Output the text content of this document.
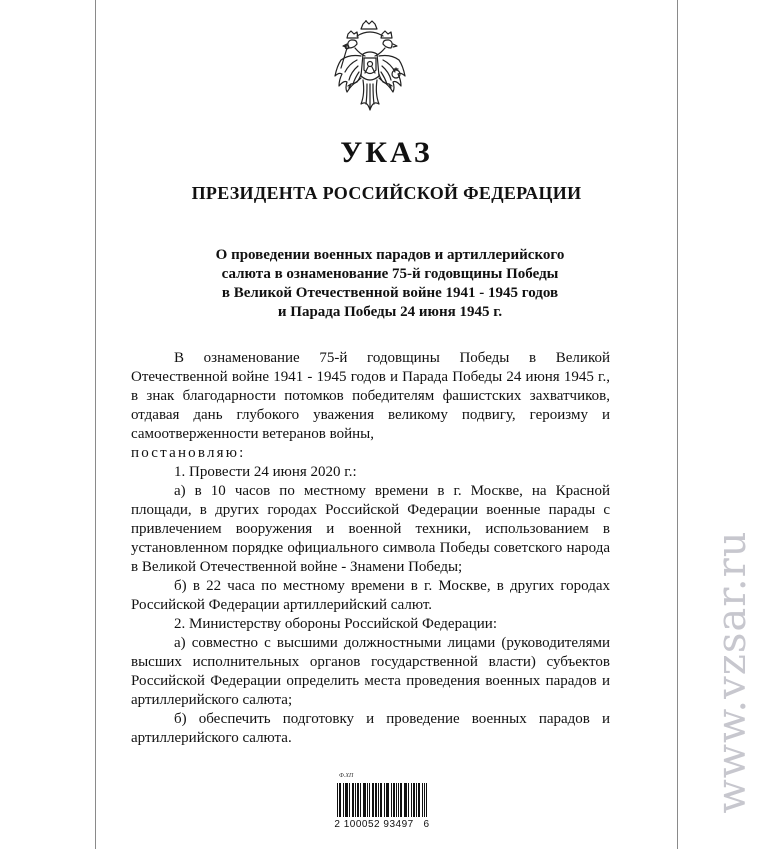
УКАЗ
ПРЕЗИДЕНТА РОССИЙСКОЙ ФЕДЕРАЦИИ
О проведении военных парадов и артиллерийского
салюта в ознаменование 75-й годовщины Победы
в Великой Отечественной войне 1941 - 1945 годов
и Парада Победы 24 июня 1945 г.

В ознаменование 75-й годовщины Победы в Великой Отечественной войне 1941 - 1945 годов и Парада Победы 24 июня 1945 г., в знак благодарности потомков победителям фашистских захватчиков, отдавая дань глубокого уважения великому подвигу, героизму и самоотверженности ветеранов войны,

постановляю:

1. Провести 24 июня 2020 г.:

а) в 10 часов по местному времени в г. Москве, на Красной площади, в других городах Российской Федерации военные парады с привлечением вооружения и военной техники, использованием в установленном порядке официального символа Победы советского народа в Великой Отечественной войне - Знамени Победы;

б) в 22 часа по местному времени в г. Москве, в других городах Российской Федерации артиллерийский салют.

2. Министерству обороны Российской Федерации:

а) совместно с высшими должностными лицами (руководителями высших исполнительных органов государственной власти) субъектов Российской Федерации определить места проведения военных парадов и артиллерийского салюта;

б) обеспечить подготовку и проведение военных парадов и артиллерийского салюта.

Ф.ХП
2 100052 93497   6
www.vzsar.ru
